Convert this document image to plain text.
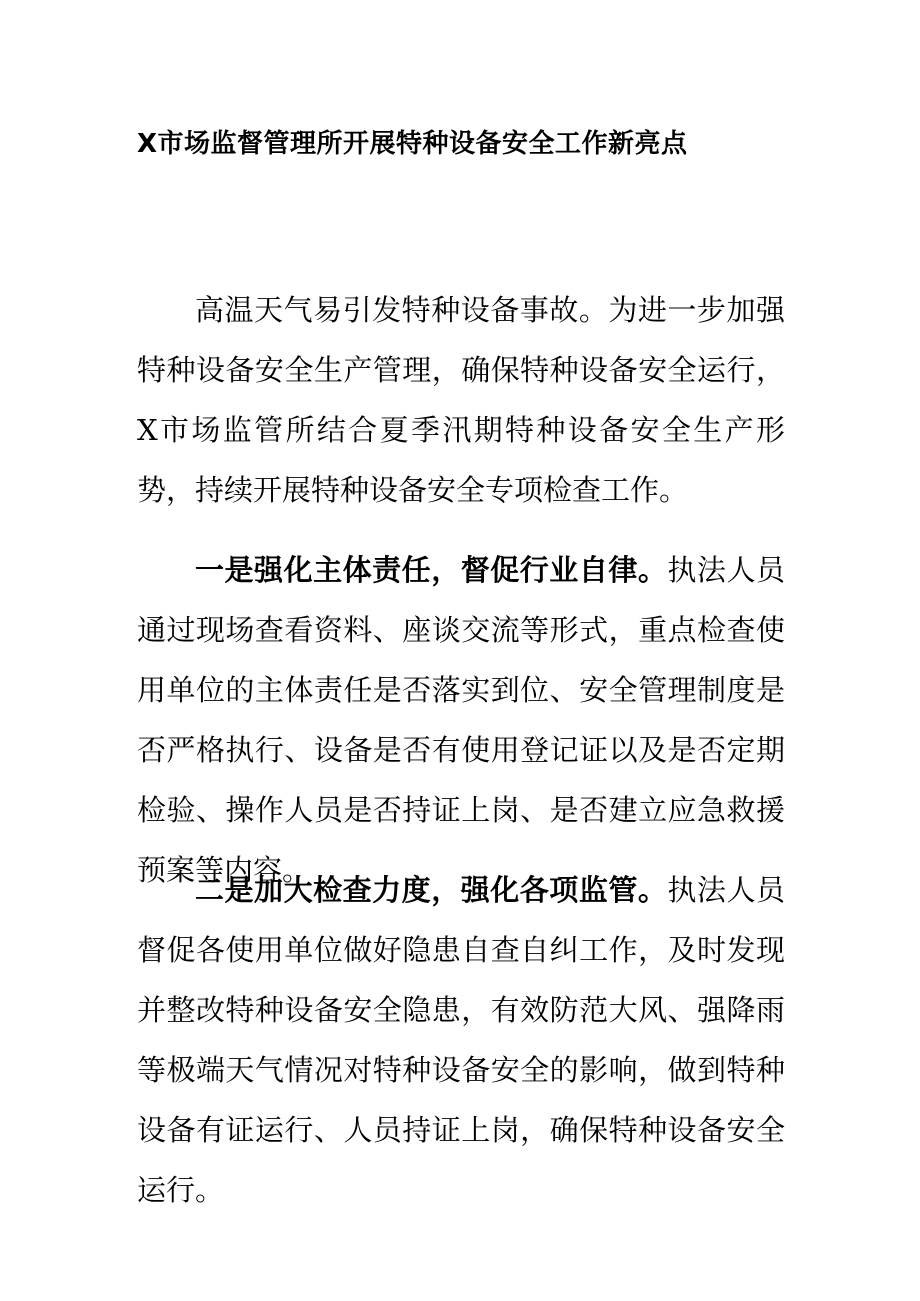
X市场监督管理所开展特种设备安全工作新亮点

高温天气易引发特种设备事故。为进一步加强特种设备安全生产管理，确保特种设备安全运行，X市场监管所结合夏季汛期特种设备安全生产形势，持续开展特种设备安全专项检查工作。

一是强化主体责任，督促行业自律。执法人员通过现场查看资料、座谈交流等形式，重点检查使用单位的主体责任是否落实到位、安全管理制度是否严格执行、设备是否有使用登记证以及是否定期检验、操作人员是否持证上岗、是否建立应急救援预案等内容。

二是加大检查力度，强化各项监管。执法人员督促各使用单位做好隐患自查自纠工作，及时发现并整改特种设备安全隐患，有效防范大风、强降雨等极端天气情况对特种设备安全的影响，做到特种设备有证运行、人员持证上岗，确保特种设备安全运行。
